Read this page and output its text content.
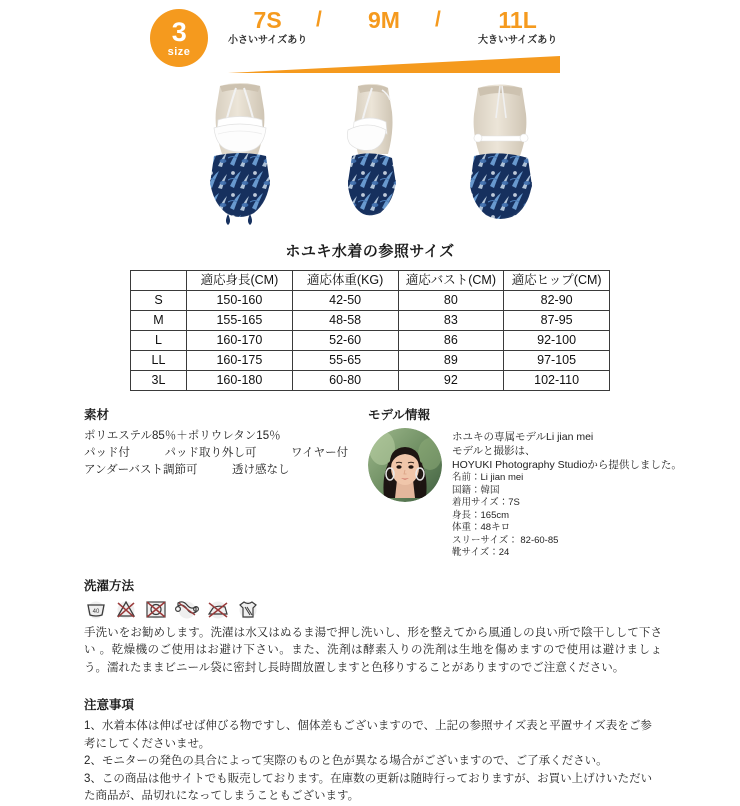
3
size
7S
小さいサイズあり
/ 9M /	11L
大きいサイズあり
ホユキ水着の参照サイズ
	適応身長(CM)	適応体重(KG)	適応バスト(CM)	適応ヒップ(CM)
S	150-160	42-50	80	82-90
M	155-165	48-58	83	87-95
L	160-170	52-60	86	92-100
LL	160-175	55-65	89	97-105
3L	160-180	60-80	92	102-110
素材
ポリエステル85％＋ポリウレタン15％
パッド付　　　パッド取り外し可　　　ワイヤー付
アンダーバスト調節可　　　透け感なし
モデル情報
ホユキの専属モデルLi jian mei
モデルと撮影は、
HOYUKI Photography Studioから提供しました。
名前：Li jian mei
国籍：韓国
着用サイズ：7S
身長：165cm
体重：48キロ
スリーサイズ： 82-60-85
靴サイズ：24
洗濯方法
40
手洗いをお勧めします。洗濯は水又はぬるま湯で押し洗いし、形を整えてから風通しの良い所で陰干しして下さい 。乾燥機のご使用はお避け下さい。また、洗剤は酵素入りの洗剤は生地を傷めますので使用は避けましょう。濡れたままビニール袋に密封し長時間放置しますと色移りすることがありますのでご注意ください。
注意事項
1、水着本体は伸ばせば伸びる物ですし、個体差もございますので、上記の参照サイズ表と平置サイズ表をご参考にしてくださいませ。
2、モニターの発色の具合によって実際のものと色が異なる場合がございますので、ご了承ください。
3、この商品は他サイトでも販売しております。在庫数の更新は随時行っておりますが、お買い上げけいただいた商品が、品切れになってしまうこともございます。
